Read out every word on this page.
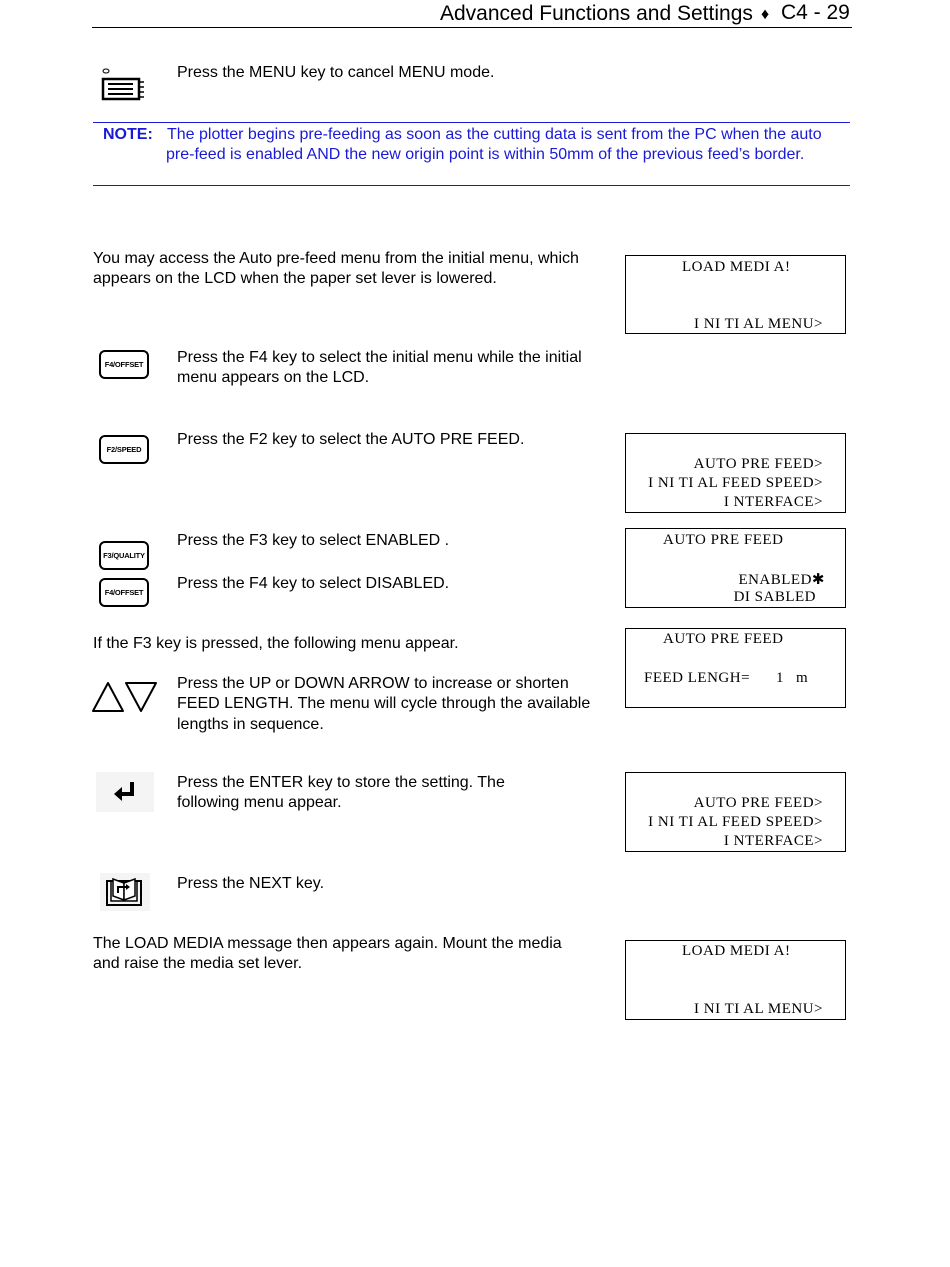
Advanced Functions and Settings ♦ C4 - 29
Press the MENU key to cancel MENU mode.
NOTE: The plotter begins pre-feeding as soon as the cutting data is sent from the PC when the auto pre-feed is enabled AND the new origin point is within 50mm of the previous feed’s border.
You may access the Auto pre-feed menu from the initial menu, which appears on the LCD when the paper set lever is lowered.
LOAD MEDI A!
I NI TI AL MENU>
F4/OFFSET Press the F4 key to select the initial menu while the initial menu appears on the LCD.
F2/SPEED
Press the F2 key to select the AUTO PRE FEED.
AUTO PRE FEED>
I NI TI AL FEED SPEED>
I NTERFACE>
F3/QUALITY
Press the F3 key to select ENABLED .
F4/OFFSET
Press the F4 key to select DISABLED.
AUTO PRE FEED
ENABLED✱
DI SABLED
If the F3 key is pressed, the following menu appear.	AUTO PRE FEED
FEED LENGH= 1 m
Press the UP or DOWN ARROW to increase or shorten FEED LENGTH. The menu will cycle through the available lengths in sequence.
Press the ENTER key to store the setting. The following menu appear.	AUTO PRE FEED>
I NI TI AL FEED SPEED>
I NTERFACE>
Press the NEXT key.
The LOAD MEDIA message then appears again. Mount the media and raise the media set lever.
LOAD MEDI A!
I NI TI AL MENU>
